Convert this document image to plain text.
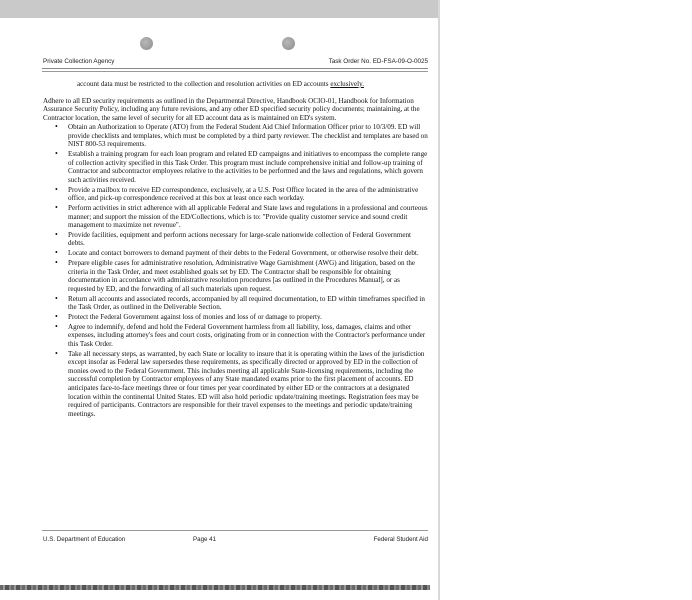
Private Collection Agency	Task Order No. ED-FSA-09-O-0025

account data must be restricted to the collection and resolution activities on ED accounts exclusively.

Adhere to all ED security requirements as outlined in the Departmental Directive, Handbook OCIO-01, Handbook for Information Assurance Security Policy, including any future revisions, and any other ED specified security policy documents; maintaining, at the Contractor location, the same level of security for all ED account data as is maintained on ED's system.

• Obtain an Authorization to Operate (ATO) from the Federal Student Aid Chief Information Officer prior to 10/3/09. ED will provide checklists and templates, which must be completed by a third party reviewer. The checklist and templates are based on NIST 800-53 requirements.
• Establish a training program for each loan program and related ED campaigns and initiatives to encompass the complete range of collection activity specified in this Task Order. This program must include comprehensive initial and follow-up training of Contractor and subcontractor employees relative to the activities to be performed and the laws and regulations, which govern such activities received.
• Provide a mailbox to receive ED correspondence, exclusively, at a U.S. Post Office located in the area of the administrative office, and pick-up correspondence received at this box at least once each workday.
• Perform activities in strict adherence with all applicable Federal and State laws and regulations in a professional and courteous manner; and support the mission of the ED/Collections, which is to: "Provide quality customer service and sound credit management to maximize net revenue".
• Provide facilities, equipment and perform actions necessary for large-scale nationwide collection of Federal Government debts.
• Locate and contact borrowers to demand payment of their debts to the Federal Government, or otherwise resolve their debt.
• Prepare eligible cases for administrative resolution, Administrative Wage Garnishment (AWG) and litigation, based on the criteria in the Task Order, and meet established goals set by ED. The Contractor shall be responsible for obtaining documentation in accordance with administrative resolution procedures [as outlined in the Procedures Manual], or as requested by ED, and the forwarding of all such materials upon request.
• Return all accounts and associated records, accompanied by all required documentation, to ED within timeframes specified in the Task Order, as outlined in the Deliverable Section.
• Protect the Federal Government against loss of monies and loss of or damage to property.
• Agree to indemnify, defend and hold the Federal Government harmless from all liability, loss, damages, claims and other expenses, including attorney's fees and court costs, originating from or in connection with the Contractor's performance under this Task Order.
• Take all necessary steps, as warranted, by each State or locality to insure that it is operating within the laws of the jurisdiction except insofar as Federal law supersedes these requirements, as specifically directed or approved by ED in the collection of monies owed to the Federal Government. This includes meeting all applicable State-licensing requirements, including the successful completion by Contractor employees of any State mandated exams prior to the first placement of accounts. ED anticipates face-to-face meetings three or four times per year coordinated by either ED or the contractors at a designated location within the continental United States. ED will also hold periodic update/training meetings. Registration fees may be required of participants. Contractors are responsible for their travel expenses to the meetings and periodic update/training meetings.
U.S. Department of Education	Page 41	Federal Student Aid
